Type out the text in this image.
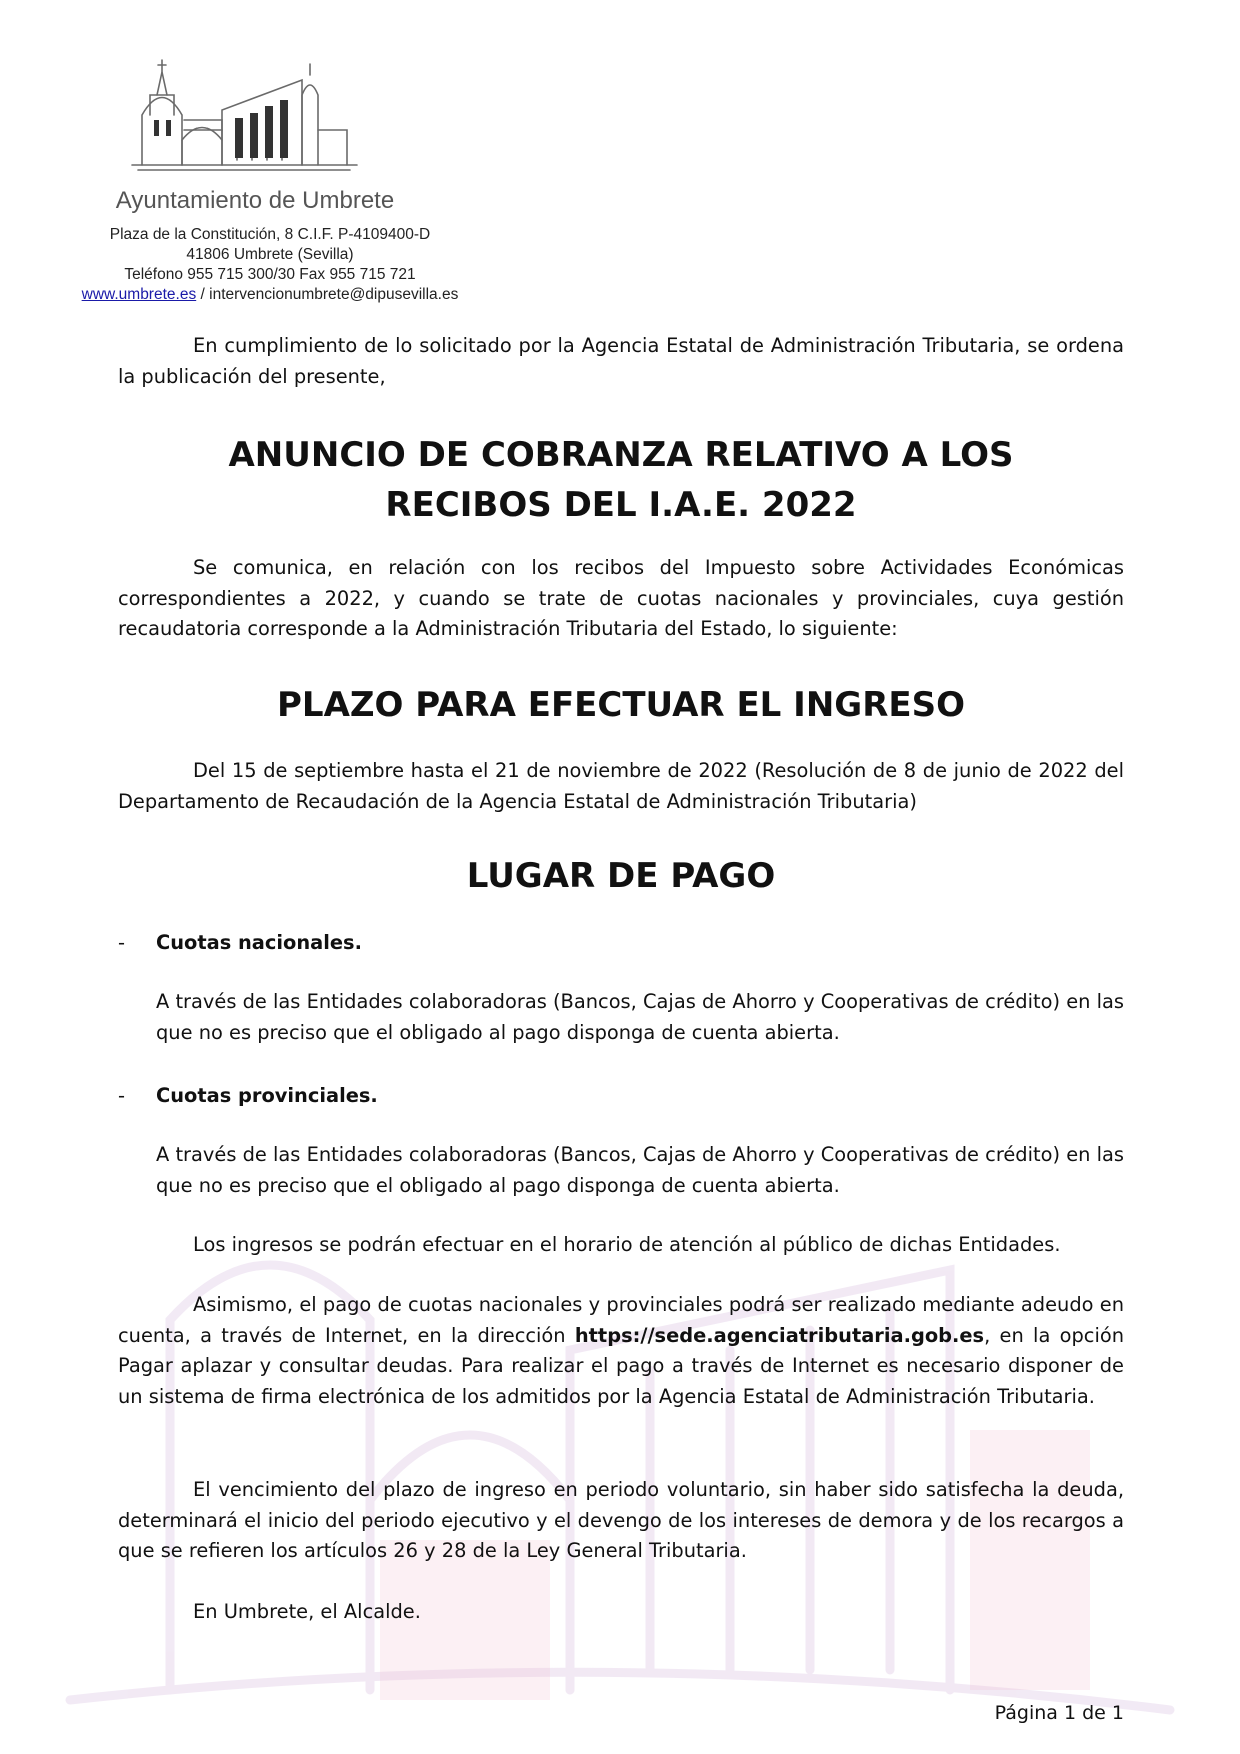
Ayuntamiento de Umbrete
Plaza de la Constitución, 8 C.I.F. P-4109400-D
41806 Umbrete (Sevilla)
Teléfono 955 715 300/30 Fax 955 715 721
www.umbrete.es / intervencionumbrete@dipusevilla.es

En cumplimiento de lo solicitado por la Agencia Estatal de Administración Tributaria, se ordena la publicación del presente,

ANUNCIO DE COBRANZA RELATIVO A LOS
RECIBOS DEL I.A.E. 2022

Se comunica, en relación con los recibos del Impuesto sobre Actividades Económicas correspondientes a 2022, y cuando se trate de cuotas nacionales y provinciales, cuya gestión recaudatoria corresponde a la Administración Tributaria del Estado, lo siguiente:

PLAZO PARA EFECTUAR EL INGRESO

Del 15 de septiembre hasta el 21 de noviembre de 2022 (Resolución de 8 de junio de 2022 del Departamento de Recaudación de la Agencia Estatal de Administración Tributaria)

LUGAR DE PAGO
- Cuotas nacionales.

A través de las Entidades colaboradoras (Bancos, Cajas de Ahorro y Cooperativas de crédito) en las que no es preciso que el obligado al pago disponga de cuenta abierta.

- Cuotas provinciales.

A través de las Entidades colaboradoras (Bancos, Cajas de Ahorro y Cooperativas de crédito) en las que no es preciso que el obligado al pago disponga de cuenta abierta.

Los ingresos se podrán efectuar en el horario de atención al público de dichas Entidades.

Asimismo, el pago de cuotas nacionales y provinciales podrá ser realizado mediante adeudo en cuenta, a través de Internet, en la dirección https://sede.agenciatributaria.gob.es, en la opción Pagar aplazar y consultar deudas. Para realizar el pago a través de Internet es necesario disponer de un sistema de firma electrónica de los admitidos por la Agencia Estatal de Administración Tributaria.

El vencimiento del plazo de ingreso en periodo voluntario, sin haber sido satisfecha la deuda, determinará el inicio del periodo ejecutivo y el devengo de los intereses de demora y de los recargos a que se refieren los artículos 26 y 28 de la Ley General Tributaria.

En Umbrete, el Alcalde.

Página 1 de 1
